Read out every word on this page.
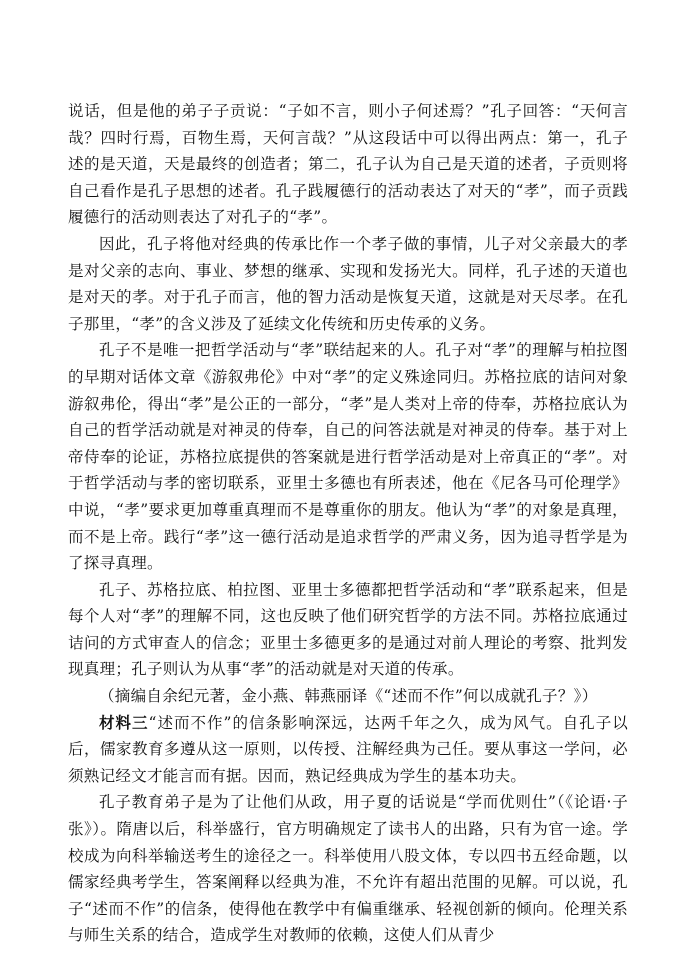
说话，但是他的弟子子贡说：“子如不言，则小子何述焉？”孔子回答：“天何言哉？四时行焉，百物生焉，天何言哉？”从这段话中可以得出两点：第一，孔子述的是天道，天是最终的创造者；第二，孔子认为自己是天道的述者，子贡则将自己看作是孔子思想的述者。孔子践履德行的活动表达了对天的“孝”，而子贡践履德行的活动则表达了对孔子的“孝”。

因此，孔子将他对经典的传承比作一个孝子做的事情，儿子对父亲最大的孝是对父亲的志向、事业、梦想的继承、实现和发扬光大。同样，孔子述的天道也是对天的孝。对于孔子而言，他的智力活动是恢复天道，这就是对天尽孝。在孔子那里，“孝”的含义涉及了延续文化传统和历史传承的义务。

孔子不是唯一把哲学活动与“孝”联结起来的人。孔子对“孝”的理解与柏拉图的早期对话体文章《游叙弗伦》中对“孝”的定义殊途同归。苏格拉底的诘问对象游叙弗伦，得出“孝”是公正的一部分，“孝”是人类对上帝的侍奉，苏格拉底认为自己的哲学活动就是对神灵的侍奉，自己的问答法就是对神灵的侍奉。基于对上帝侍奉的论证，苏格拉底提供的答案就是进行哲学活动是对上帝真正的“孝”。对于哲学活动与孝的密切联系，亚里士多德也有所表述，他在《尼各马可伦理学》中说，“孝”要求更加尊重真理而不是尊重你的朋友。他认为“孝”的对象是真理，而不是上帝。践行“孝”这一德行活动是追求哲学的严肃义务，因为追寻哲学是为了探寻真理。

孔子、苏格拉底、柏拉图、亚里士多德都把哲学活动和“孝”联系起来，但是每个人对“孝”的理解不同，这也反映了他们研究哲学的方法不同。苏格拉底通过诘问的方式审查人的信念；亚里士多德更多的是通过对前人理论的考察、批判发现真理；孔子则认为从事“孝”的活动就是对天道的传承。

（摘编自余纪元著，金小燕、韩燕丽译《“述而不作”何以成就孔子？》）

材料三“述而不作”的信条影响深远，达两千年之久，成为风气。自孔子以后，儒家教育多遵从这一原则，以传授、注解经典为己任。要从事这一学问，必须熟记经文才能言而有据。因而，熟记经典成为学生的基本功夫。

孔子教育弟子是为了让他们从政，用子夏的话说是“学而优则仕”（《论语·子张》）。隋唐以后，科举盛行，官方明确规定了读书人的出路，只有为官一途。学校成为向科举输送考生的途径之一。科举使用八股文体，专以四书五经命题，以儒家经典考学生，答案阐释以经典为准，不允许有超出范围的见解。可以说，孔子“述而不作”的信条，使得他在教学中有偏重继承、轻视创新的倾向。伦理关系与师生关系的结合，造成学生对教师的依赖，这使人们从青少
